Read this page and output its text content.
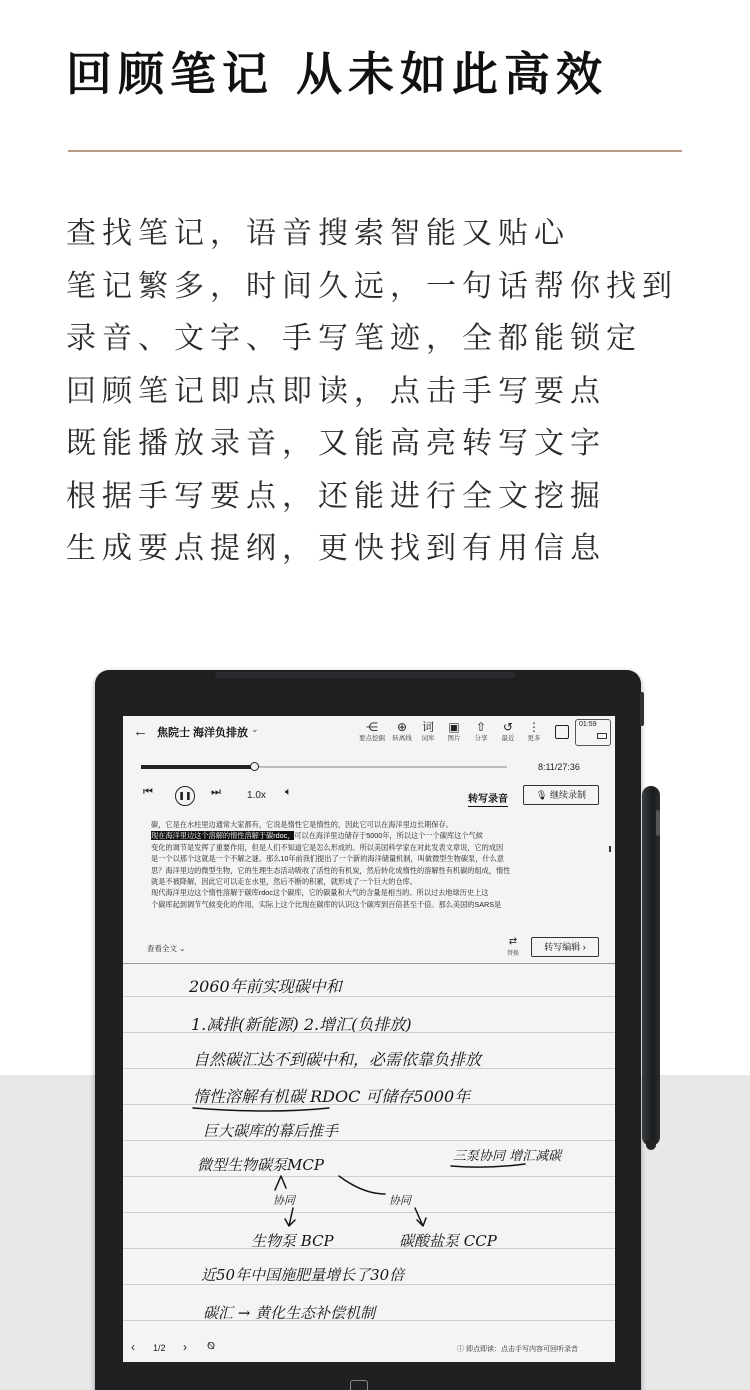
回顾笔记 从未如此高效
查找笔记，语音搜索智能又贴心
笔记繁多，时间久远，一句话帮你找到
录音、文字、手写笔迹，全都能锁定
回顾笔记即点即读，点击手写要点
既能播放录音，又能高亮转写文字
根据手写要点，还能进行全文挖掘
生成要点提纲，更快找到有用信息
← 焦院士 海洋负排放 ⌄	⋲
要点挖掘
⊕
转离线
词
词库
▣
图片
⇧
分享
↺
最近
⋮
更多
01:59
8:11/27:36
⏮	❚❚ ⏭	1.0x 🔈︎
转写录音	🎙︎ 继续录制
碳，它是在水柱里边通常大家都有，它说是惰性它是惰性的，因此它可以在海洋里边长期保存。
现在海洋里边这个溶解的惰性溶解于碳rdoc，可以在海洋里边储存于5000年，所以这个一个碳库这个气候
变化的调节是发挥了重要作用，但是人们不知道它是怎么形成的。所以美国科学家在对此发表文章说，它的成因
是一个以那个这就是一个不解之谜。那么10年前我们提出了一个新的海洋储量机制，叫做微型生物碳泵，什么意
思？海洋里边的微型生物，它的生理生态活动吸收了活性的有机炭，然后转化成惰性的溶解性有机碳的组成，惰性
就是不被降解，因此它可以走在水里，然后不断的积累，就形成了一个巨大的仓库。
现代海洋里边这个惰性溶解于碳库rdoc这个碳库，它的碳量和大气的含量是相当的。所以过去地球历史上这
个碳库起到调节气候变化的作用，实际上这个比现在碳库的认识这个碳库到百倍甚至千倍。那么美国的SARS是
查看全文 ⌄
⇄
替换
转写编辑 ›
2060年前实现碳中和
1.减排(新能源) 2.增汇(负排放)
自然碳汇达不到碳中和，必需依靠负排放
惰性溶解有机碳 RDOC 可储存5000年
巨大碳库的幕后推手
微型生物碳泵MCP	三泵协同 增汇减碳
协同	协同
生物泵 BCP	碳酸盐泵 CCP
近50年中国施肥量增长了30倍
碳汇 → 黄化生态补偿机制
‹ 1/2 › ⦰	ⓘ 即点即读：点击手写内容可回听录音
